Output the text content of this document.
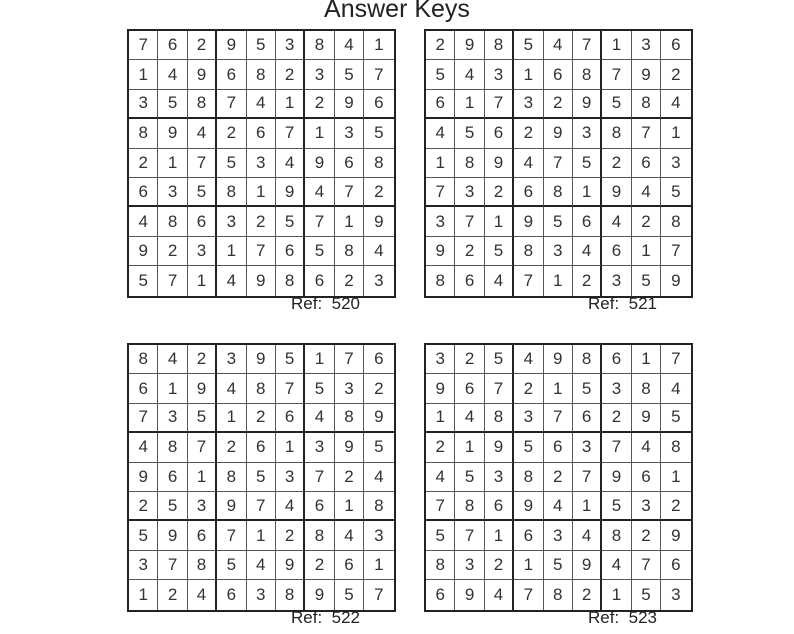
Answer Keys
7	6	2	9	5	3	8	4	1
1	4	9	6	8	2	3	5	7
3	5	8	7	4	1	2	9	6
8	9	4	2	6	7	1	3	5
2	1	7	5	3	4	9	6	8
6	3	5	8	1	9	4	7	2
4	8	6	3	2	5	7	1	9
9	2	3	1	7	6	5	8	4
5	7	1	4	9	8	6	2	3
Ref: 520
2	9	8	5	4	7	1	3	6
5	4	3	1	6	8	7	9	2
6	1	7	3	2	9	5	8	4
4	5	6	2	9	3	8	7	1
1	8	9	4	7	5	2	6	3
7	3	2	6	8	1	9	4	5
3	7	1	9	5	6	4	2	8
9	2	5	8	3	4	6	1	7
8	6	4	7	1	2	3	5	9
Ref: 521
8	4	2	3	9	5	1	7	6
6	1	9	4	8	7	5	3	2
7	3	5	1	2	6	4	8	9
4	8	7	2	6	1	3	9	5
9	6	1	8	5	3	7	2	4
2	5	3	9	7	4	6	1	8
5	9	6	7	1	2	8	4	3
3	7	8	5	4	9	2	6	1
1	2	4	6	3	8	9	5	7
Ref: 522
3	2	5	4	9	8	6	1	7
9	6	7	2	1	5	3	8	4
1	4	8	3	7	6	2	9	5
2	1	9	5	6	3	7	4	8
4	5	3	8	2	7	9	6	1
7	8	6	9	4	1	5	3	2
5	7	1	6	3	4	8	2	9
8	3	2	1	5	9	4	7	6
6	9	4	7	8	2	1	5	3
Ref: 523
